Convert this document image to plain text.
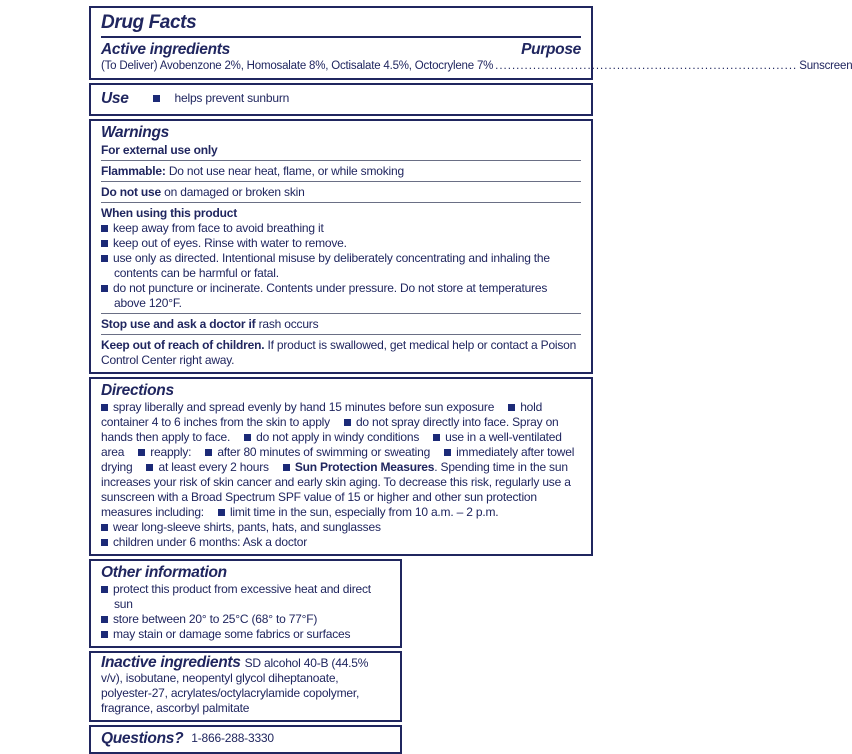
Drug Facts
Active ingredients	Purpose
(To Deliver) Avobenzone 2%, Homosalate 8%, Octisalate 4.5%, Octocrylene 7% ........................................................................ Sunscreen
Use	helps prevent sunburn
Warnings
For external use only
Flammable: Do not use near heat, flame, or while smoking
Do not use on damaged or broken skin
When using this product
keep away from face to avoid breathing it
keep out of eyes. Rinse with water to remove.
use only as directed. Intentional misuse by deliberately concentrating and inhaling the contents can be harmful or fatal.
do not puncture or incinerate. Contents under pressure. Do not store at temperatures above 120°F.
Stop use and ask a doctor if rash occurs
Keep out of reach of children. If product is swallowed, get medical help or contact a Poison Control Center right away.
Directions
spray liberally and spread evenly by hand 15 minutes before sun exposure hold container 4 to 6 inches from the skin to apply do not spray directly into face. Spray on hands then apply to face. do not apply in windy conditions use in a well-ventilated area reapply: after 80 minutes of swimming or sweating immediately after towel drying at least every 2 hours Sun Protection Measures. Spending time in the sun increases your risk of skin cancer and early skin aging. To decrease this risk, regularly use a sunscreen with a Broad Spectrum SPF value of 15 or higher and other sun protection measures including: limit time in the sun, especially from 10 a.m. – 2 p.m.
wear long-sleeve shirts, pants, hats, and sunglasses
children under 6 months: Ask a doctor
Other information
protect this product from excessive heat and direct sun
store between 20° to 25°C (68° to 77°F)
may stain or damage some fabrics or surfaces
Inactive ingredients SD alcohol 40-B (44.5% v/v), isobutane, neopentyl glycol diheptanoate, polyester-27, acrylates/octylacrylamide copolymer, fragrance, ascorbyl palmitate
Questions? 1-866-288-3330
